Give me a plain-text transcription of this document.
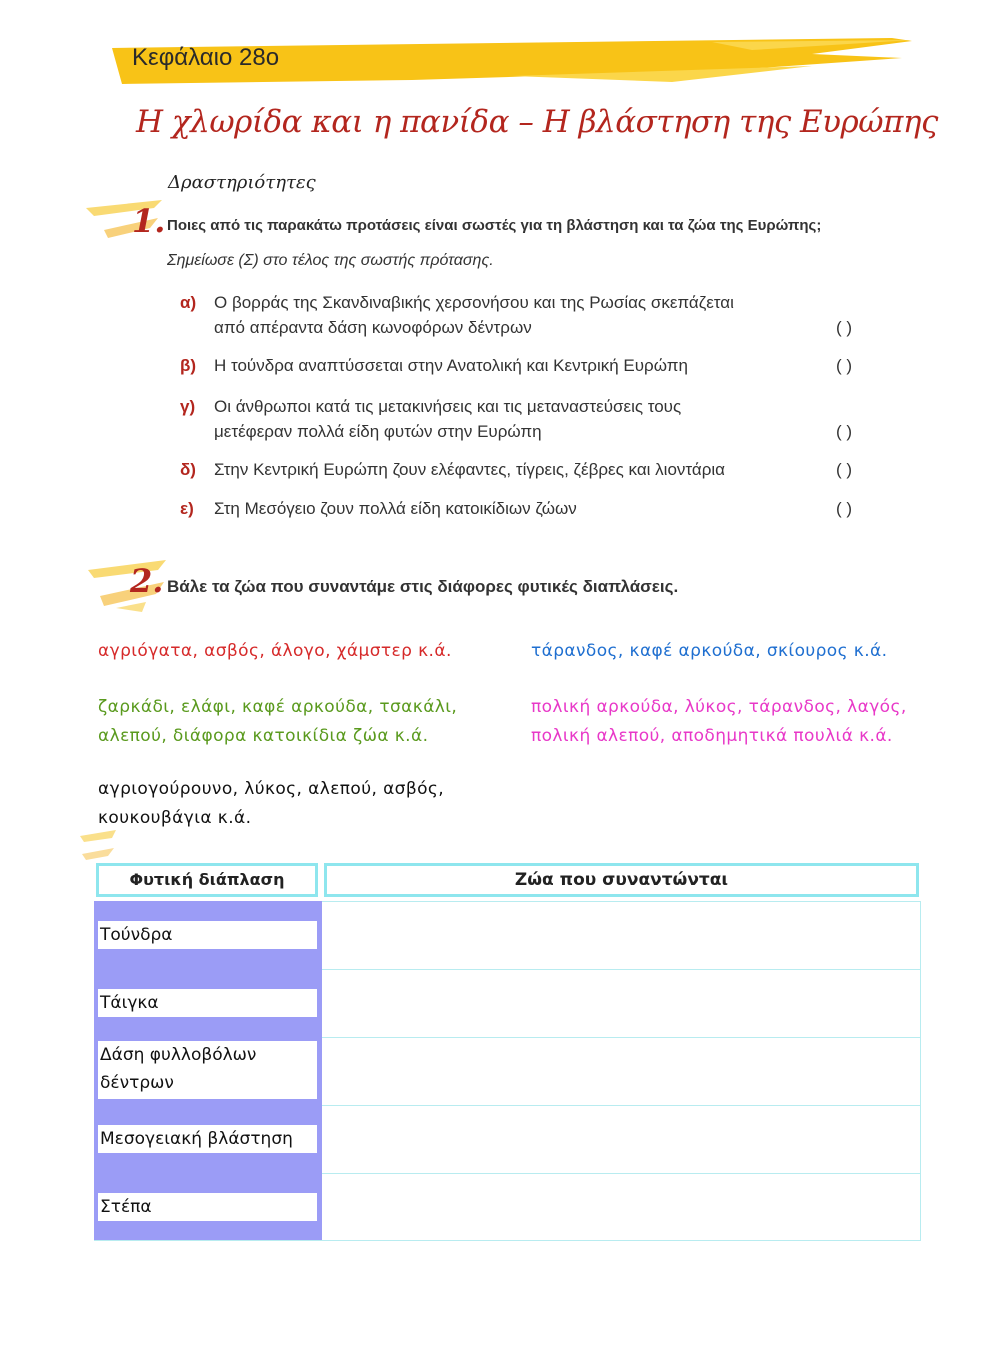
Κεφάλαιο 28ο
Η χλωρίδα και η πανίδα – Η βλάστηση της Ευρώπης
Δραστηριότητες
1. Ποιες από τις παρακάτω προτάσεις είναι σωστές για τη βλάστηση και τα ζώα της Ευρώπης;
Σημείωσε (Σ) στο τέλος της σωστής πρότασης.
α) Ο βορράς της Σκανδιναβικής χερσονήσου και της Ρωσίας σκεπάζεται
από απέραντα δάση κωνοφόρων δέντρων	( )
β) Η τούνδρα αναπτύσσεται στην Ανατολική και Κεντρική Ευρώπη	( )
γ) Οι άνθρωποι κατά τις μετακινήσεις και τις μεταναστεύσεις τους
μετέφεραν πολλά είδη φυτών στην Ευρώπη	( )
δ) Στην Κεντρική Ευρώπη ζουν ελέφαντες, τίγρεις, ζέβρες και λιοντάρια	( )
ε) Στη Μεσόγειο ζουν πολλά είδη κατοικίδιων ζώων	( )
2. Βάλε τα ζώα που συναντάμε στις διάφορες φυτικές διαπλάσεις.
αγριόγατα, ασβός, άλογο, χάμστερ κ.ά.	τάρανδος, καφέ αρκούδα, σκίουρος κ.ά.
ζαρκάδι, ελάφι, καφέ αρκούδα, τσακάλι,
αλεπού, διάφορα κατοικίδια ζώα κ.ά.
πολική αρκούδα, λύκος, τάρανδος, λαγός,
πολική αλεπού, αποδημητικά πουλιά κ.ά.
αγριογούρουνο, λύκος, αλεπού, ασβός,
κουκουβάγια κ.ά.
Φυτική διάπλαση	Ζώα που συναντώνται
Τούνδρα
Τάιγκα
Δάση φυλλοβόλων
δέντρων
Μεσογειακή βλάστηση
Στέπα
